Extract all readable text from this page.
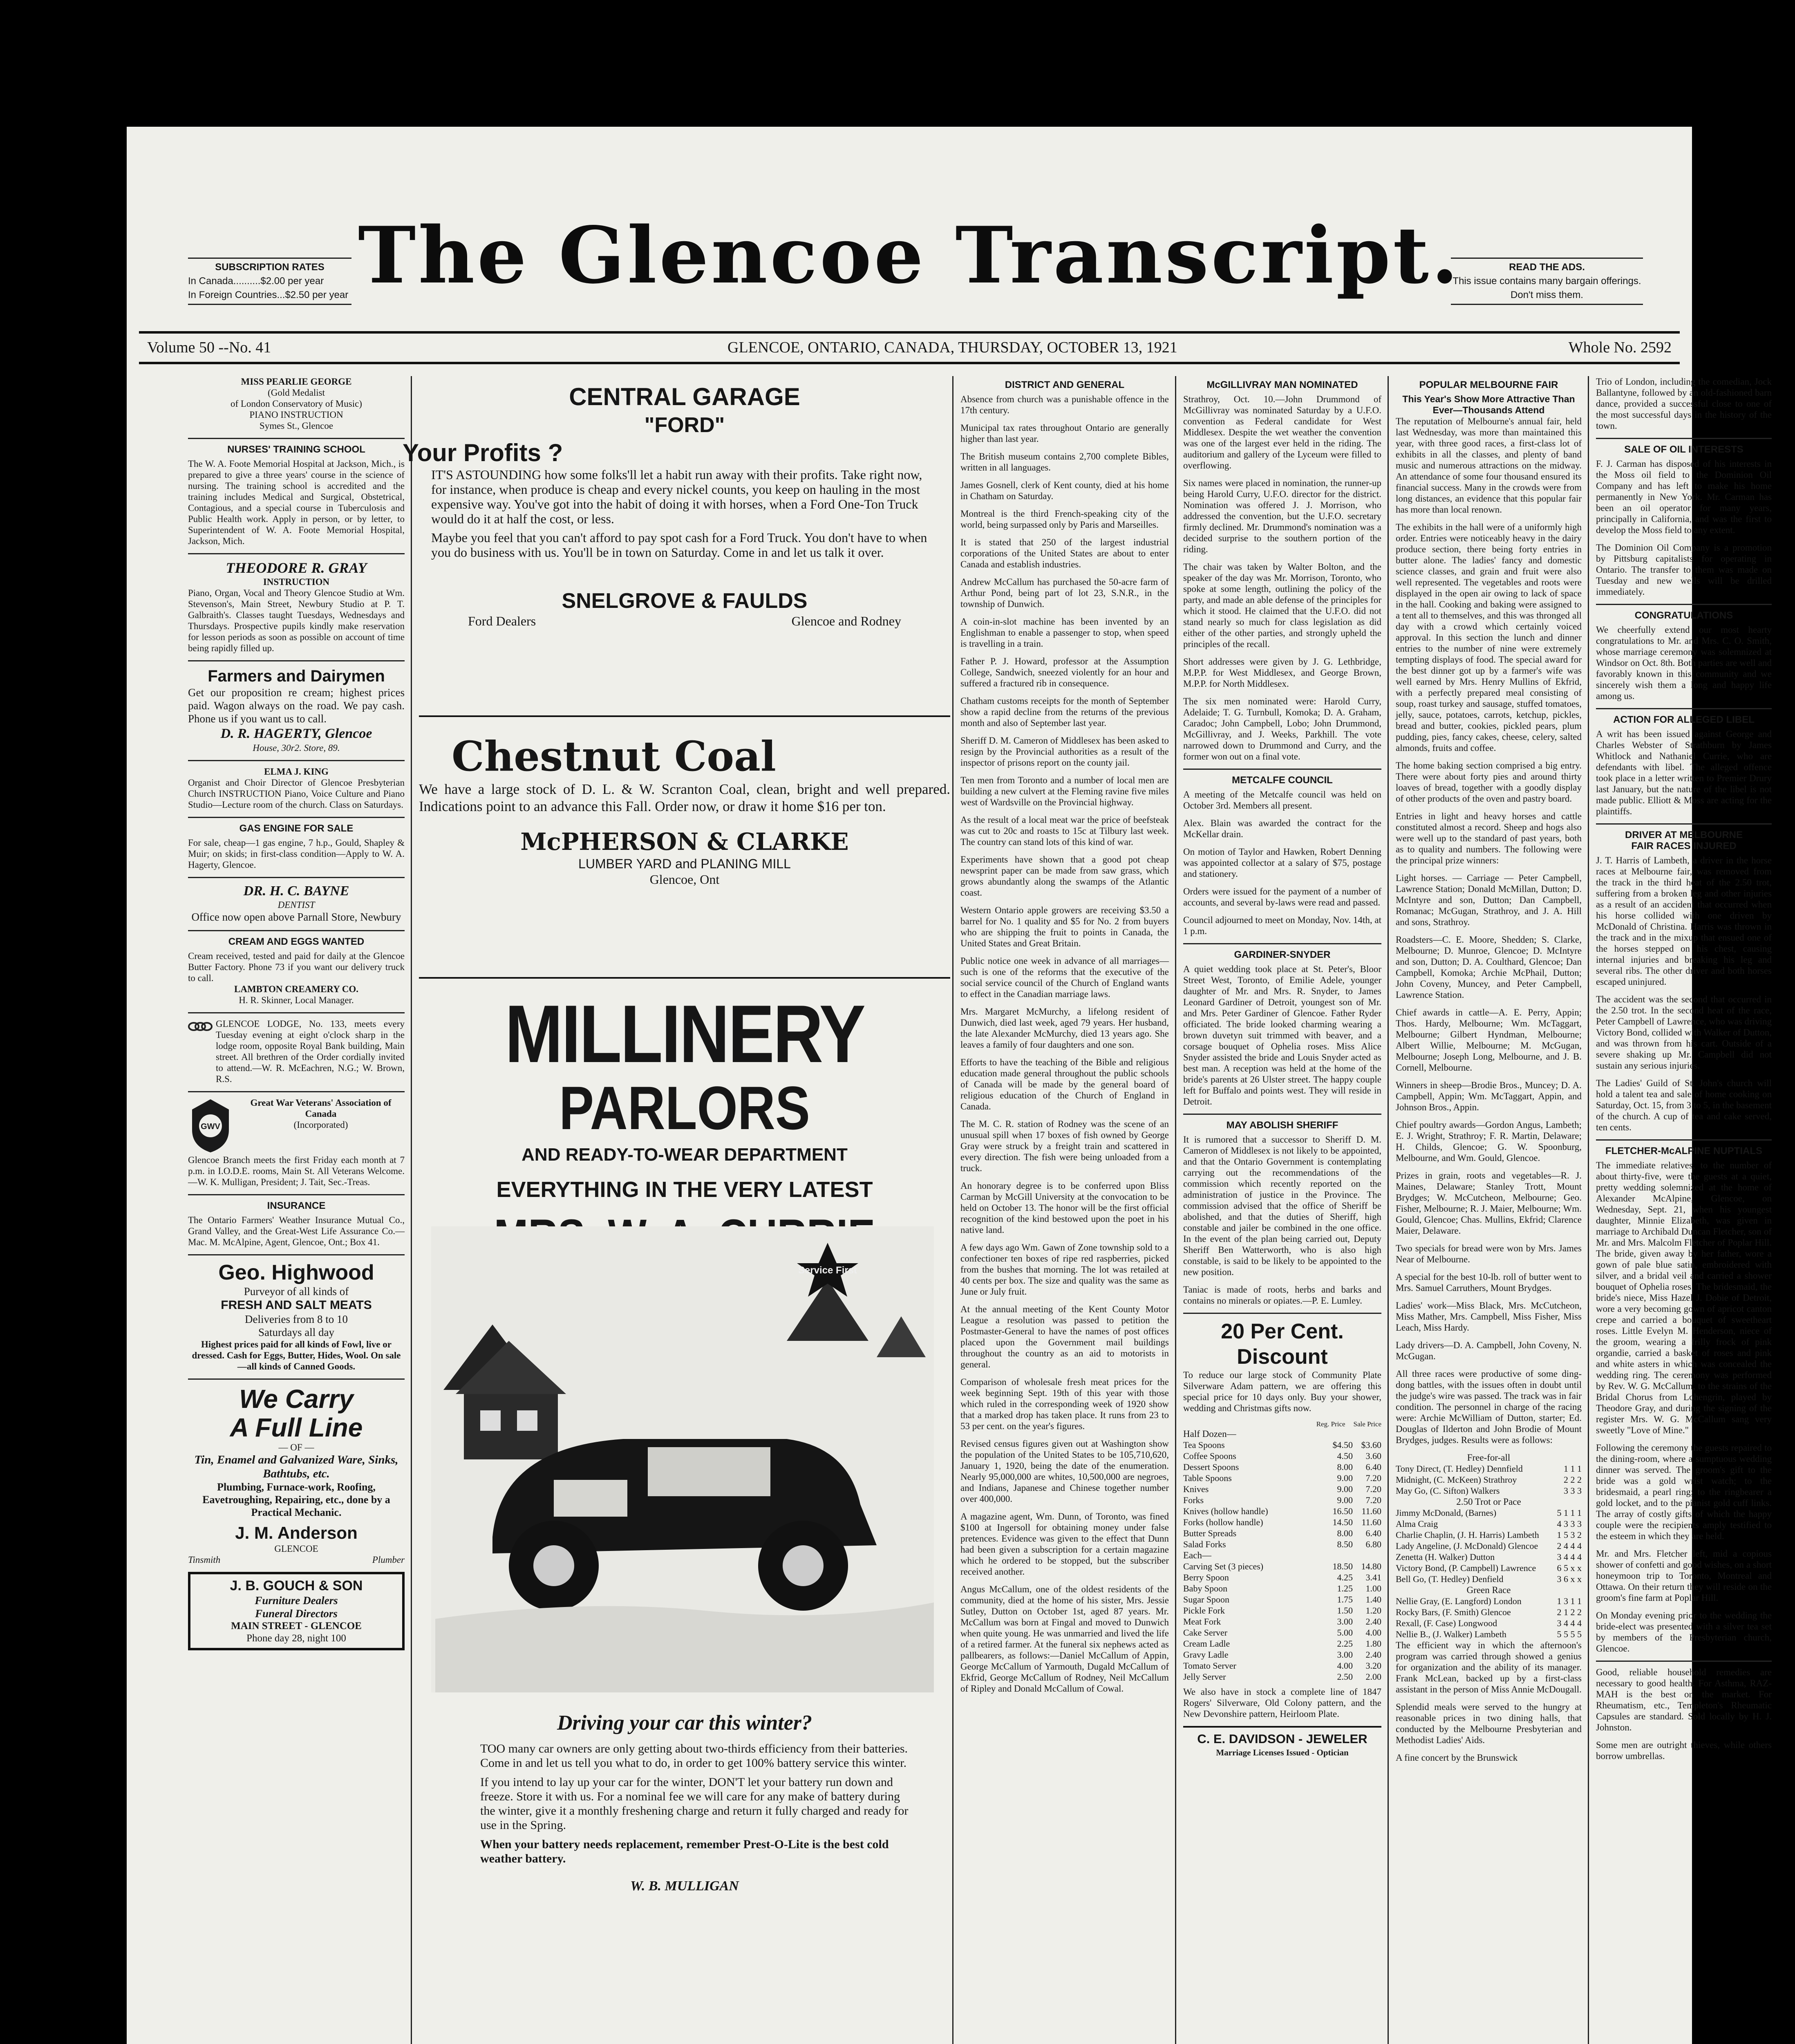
SUBSCRIPTION RATES
In Canada..........$2.00 per year
In Foreign Countries...$2.50 per year The Glencoe Transcript.	READ THE ADS.
This issue contains many bargain offerings. Don't miss them.
Volume 50 --No. 41	GLENCOE, ONTARIO, CANADA, THURSDAY, OCTOBER 13, 1921	Whole No. 2592
MISS PEARLIE GEORGE
(Gold Medalist
of London Conservatory of Music)
PIANO INSTRUCTION
Symes St., Glencoe
NURSES' TRAINING SCHOOL
The W. A. Foote Memorial Hospital at Jackson, Mich., is prepared to give a three years' course in the science of nursing. The training school is accredited and the training includes Medical and Surgical, Obstetrical, Contagious, and a special course in Tuberculosis and Public Health work. Apply in person, or by letter, to Superintendent of W. A. Foote Memorial Hospital, Jackson, Mich.
THEODORE R. GRAY
INSTRUCTION
Piano, Organ, Vocal and Theory Glencoe Studio at Wm. Stevenson's, Main Street, Newbury Studio at P. T. Galbraith's. Classes taught Tuesdays, Wednesdays and Thursdays. Prospective pupils kindly make reservation for lesson periods as soon as possible on account of time being rapidly filled up.
Farmers and Dairymen
Get our proposition re cream; highest prices paid. Wagon always on the road. We pay cash. Phone us if you want us to call.
D. R. HAGERTY, Glencoe
House, 30r2. Store, 89.
ELMA J. KING
Organist and Choir Director of Glencoe Presbyterian Church INSTRUCTION Piano, Voice Culture and Piano Studio—Lecture room of the church. Class on Saturdays.
GAS ENGINE FOR SALE
For sale, cheap—1 gas engine, 7 h.p., Gould, Shapley & Muir; on skids; in first-class condition—Apply to W. A. Hagerty, Glencoe.
DR. H. C. BAYNE
DENTIST
Office now open above Parnall Store, Newbury
CREAM AND EGGS WANTED
Cream received, tested and paid for daily at the Glencoe Butter Factory. Phone 73 if you want our delivery truck to call.
LAMBTON CREAMERY CO.
H. R. Skinner, Local Manager.
GLENCOE LODGE, No. 133, meets every Tuesday evening at eight o'clock sharp in the lodge room, opposite Royal Bank building, Main street. All brethren of the Order cordially invited to attend.—W. R. McEachren, N.G.; W. Brown, R.S.
GWV
Great War Veterans' Association of Canada
(Incorporated)
Glencoe Branch meets the first Friday each month at 7 p.m. in I.O.D.E. rooms, Main St. All Veterans Welcome.—W. K. Mulligan, President; J. Tait, Sec.-Treas.
INSURANCE
The Ontario Farmers' Weather Insurance Mutual Co., Grand Valley, and the Great-West Life Assurance Co.—Mac. M. McAlpine, Agent, Glencoe, Ont.; Box 41.
Geo. Highwood
Purveyor of all kinds of
FRESH AND SALT MEATS
Deliveries from 8 to 10
Saturdays all day
Highest prices paid for all kinds of Fowl, live or dressed. Cash for Eggs, Butter, Hides, Wool. On sale—all kinds of Canned Goods.
We Carry
A Full Line
— OF —
Tin, Enamel and Galvanized Ware, Sinks, Bathtubs, etc.
Plumbing, Furnace-work, Roofing, Eavetroughing, Repairing, etc., done by a Practical Mechanic.
J. M. Anderson
GLENCOE
Tinsmith	Plumber
J. B. GOUCH & SON
Furniture Dealers
Funeral Directors
MAIN STREET - GLENCOE
Phone day 28, night 100
CENTRAL GARAGE
"FORD"
Your Profits ?
IT'S ASTOUNDING how some folks'll let a habit run away with their profits. Take right now, for instance, when produce is cheap and every nickel counts, you keep on hauling in the most expensive way. You've got into the habit of doing it with horses, when a Ford One-Ton Truck would do it at half the cost, or less.
Maybe you feel that you can't afford to pay spot cash for a Ford Truck. You don't have to when you do business with us. You'll be in town on Saturday. Come in and let us talk it over.
SNELGROVE & FAULDS
Ford Dealers	Glencoe and Rodney
Chestnut Coal
We have a large stock of D. L. & W. Scranton Coal, clean, bright and well prepared. Indications point to an advance this Fall. Order now, or draw it home $16 per ton.
McPHERSON & CLARKE
LUMBER YARD and PLANING MILL
Glencoe, Ont
MILLINERY
PARLORS
AND READY-TO-WEAR DEPARTMENT
EVERYTHING IN THE VERY LATEST
Service First
Driving your car this winter?
TOO many car owners are only getting about two-thirds efficiency from their batteries. Come in and let us tell you what to do, in order to get 100% battery service this winter.
If you intend to lay up your car for the winter, DON'T let your battery run down and freeze. Store it with us. For a nominal fee we will care for any make of battery during the winter, give it a monthly freshening charge and return it fully charged and ready for use in the Spring.
When your battery needs replacement, remember Prest-O-Lite is the best cold weather battery.
W. B. MULLIGAN
DISTRICT AND GENERAL
Absence from church was a punishable offence in the 17th century.
Municipal tax rates throughout Ontario are generally higher than last year.
The British museum contains 2,700 complete Bibles, written in all languages.
James Gosnell, clerk of Kent county, died at his home in Chatham on Saturday.
Montreal is the third French-speaking city of the world, being surpassed only by Paris and Marseilles.
It is stated that 250 of the largest industrial corporations of the United States are about to enter Canada and establish industries.
Andrew McCallum has purchased the 50-acre farm of Arthur Pond, being part of lot 23, S.N.R., in the township of Dunwich.
A coin-in-slot machine has been invented by an Englishman to enable a passenger to stop, when speed is travelling in a train.
Father P. J. Howard, professor at the Assumption College, Sandwich, sneezed violently for an hour and suffered a fractured rib in consequence.
Chatham customs receipts for the month of September show a rapid decline from the returns of the previous month and also of September last year.
Sheriff D. M. Cameron of Middlesex has been asked to resign by the Provincial authorities as a result of the inspector of prisons report on the county jail.
Ten men from Toronto and a number of local men are building a new culvert at the Fleming ravine five miles west of Wardsville on the Provincial highway.
As the result of a local meat war the price of beefsteak was cut to 20c and roasts to 15c at Tilbury last week. The country can stand lots of this kind of war.
Experiments have shown that a good pot cheap newsprint paper can be made from saw grass, which grows abundantly along the swamps of the Atlantic coast.
Western Ontario apple growers are receiving $3.50 a barrel for No. 1 quality and $5 for No. 2 from buyers who are shipping the fruit to points in Canada, the United States and Great Britain.
Public notice one week in advance of all marriages—such is one of the reforms that the executive of the social service council of the Church of England wants to effect in the Canadian marriage laws.
Mrs. Margaret McMurchy, a lifelong resident of Dunwich, died last week, aged 79 years. Her husband, the late Alexander McMurchy, died 13 years ago. She leaves a family of four daughters and one son.
Efforts to have the teaching of the Bible and religious education made general throughout the public schools of Canada will be made by the general board of religious education of the Church of England in Canada.
The M. C. R. station of Rodney was the scene of an unusual spill when 17 boxes of fish owned by George Gray were struck by a freight train and scattered in every direction. The fish were being unloaded from a truck.
An honorary degree is to be conferred upon Bliss Carman by McGill University at the convocation to be held on October 13. The honor will be the first official recognition of the kind bestowed upon the poet in his native land.
A few days ago Wm. Gawn of Zone township sold to a confectioner ten boxes of ripe red raspberries, picked from the bushes that morning. The lot was retailed at 40 cents per box. The size and quality was the same as June or July fruit.
At the annual meeting of the Kent County Motor League a resolution was passed to petition the Postmaster-General to have the names of post offices placed upon the Government mail buildings throughout the country as an aid to motorists in general.
Comparison of wholesale fresh meat prices for the week beginning Sept. 19th of this year with those which ruled in the corresponding week of 1920 show that a marked drop has taken place. It runs from 23 to 53 per cent. on the year's figures.
Revised census figures given out at Washington show the population of the United States to be 105,710,620, January 1, 1920, being the date of the enumeration. Nearly 95,000,000 are whites, 10,500,000 are negroes, and Indians, Japanese and Chinese together number over 400,000.
A magazine agent, Wm. Dunn, of Toronto, was fined $100 at Ingersoll for obtaining money under false pretences. Evidence was given to the effect that Dunn had been given a subscription for a certain magazine which he ordered to be stopped, but the subscriber received another.
Angus McCallum, one of the oldest residents of the community, died at the home of his sister, Mrs. Jessie Sutley, Dutton on October 1st, aged 87 years. Mr. McCallum was born at Fingal and moved to Dunwich when quite young. He was unmarried and lived the life of a retired farmer. At the funeral six nephews acted as pallbearers, as follows:—Daniel McCallum of Appin, George McCallum of Yarmouth, Dugald McCallum of Ekfrid, George McCallum of Rodney, Neil McCallum of Ripley and Donald McCallum of Cowal.
McGILLIVRAY MAN NOMINATED
Strathroy, Oct. 10.—John Drummond of McGillivray was nominated Saturday by a U.F.O. convention as Federal candidate for West Middlesex. Despite the wet weather the convention was one of the largest ever held in the riding. The auditorium and gallery of the Lyceum were filled to overflowing.
Six names were placed in nomination, the runner-up being Harold Curry, U.F.O. director for the district. Nomination was offered J. J. Morrison, who addressed the convention, but the U.F.O. secretary firmly declined. Mr. Drummond's nomination was a decided surprise to the southern portion of the riding.
The chair was taken by Walter Bolton, and the speaker of the day was Mr. Morrison, Toronto, who spoke at some length, outlining the policy of the party, and made an able defense of the principles for which it stood. He claimed that the U.F.O. did not stand nearly so much for class legislation as did either of the other parties, and strongly upheld the principles of the recall.
Short addresses were given by J. G. Lethbridge, M.P.P. for West Middlesex, and George Brown, M.P.P. for North Middlesex.
The six men nominated were: Harold Curry, Adelaide; T. G. Turnbull, Komoka; D. A. Graham, Caradoc; John Campbell, Lobo; John Drummond, McGillivray, and J. Weeks, Parkhill. The vote narrowed down to Drummond and Curry, and the former won out on a final vote.
METCALFE COUNCIL
A meeting of the Metcalfe council was held on October 3rd. Members all present.
Alex. Blain was awarded the contract for the McKellar drain.
On motion of Taylor and Hawken, Robert Denning was appointed collector at a salary of $75, postage and stationery.
Orders were issued for the payment of a number of accounts, and several by-laws were read and passed.
Council adjourned to meet on Monday, Nov. 14th, at 1 p.m.
GARDINER-SNYDER
A quiet wedding took place at St. Peter's, Bloor Street West, Toronto, of Emilie Adele, younger daughter of Mr. and Mrs. R. Snyder, to James Leonard Gardiner of Detroit, youngest son of Mr. and Mrs. Peter Gardiner of Glencoe. Father Ryder officiated. The bride looked charming wearing a brown duvetyn suit trimmed with beaver, and a corsage bouquet of Ophelia roses. Miss Alice Snyder assisted the bride and Louis Snyder acted as best man. A reception was held at the home of the bride's parents at 26 Ulster street. The happy couple left for Buffalo and points west. They will reside in Detroit.
MAY ABOLISH SHERIFF
It is rumored that a successor to Sheriff D. M. Cameron of Middlesex is not likely to be appointed, and that the Ontario Government is contemplating carrying out the recommendations of the commission which recently reported on the administration of justice in the Province. The commission advised that the office of Sheriff be abolished, and that the duties of Sheriff, high constable and jailer be combined in the one office. In the event of the plan being carried out, Deputy Sheriff Ben Watterworth, who is also high constable, is said to be likely to be appointed to the new position.
Taniac is made of roots, herbs and barks and contains no minerals or opiates.—P. E. Lumley.
20 Per Cent.
Discount
To reduce our large stock of Community Plate Silverware Adam pattern, we are offering this special price for 10 days only. Buy your shower, wedding and Christmas gifts now.
Reg. Price Sale Price
Half Dozen—
Tea Spoons	$4.50 $3.60
Coffee Spoons	4.50	3.60
Dessert Spoons	8.00	6.40
Table Spoons	9.00	7.20
Knives	9.00	7.20
Forks	9.00	7.20
Knives (hollow handle)	16.50 11.60
Forks (hollow handle)	14.50 11.60
Butter Spreads	8.00	6.40
Salad Forks	8.50	6.80
Each—
Carving Set (3 pieces)	18.50 14.80
Berry Spoon	4.25	3.41
Baby Spoon	1.25	1.00
Sugar Spoon	1.75	1.40
Pickle Fork	1.50	1.20
Meat Fork	3.00	2.40
Cake Server	5.00	4.00
Cream Ladle	2.25	1.80
Gravy Ladle	3.00	2.40
Tomato Server	4.00	3.20
Jelly Server	2.50	2.00
We also have in stock a complete line of 1847 Rogers' Silverware, Old Colony pattern, and the New Devonshire pattern, Heirloom Plate.
C. E. DAVIDSON - JEWELER
Marriage Licenses Issued - Optician
POPULAR MELBOURNE FAIR
This Year's Show More Attractive Than Ever—Thousands Attend
The reputation of Melbourne's annual fair, held last Wednesday, was more than maintained this year, with three good races, a first-class lot of exhibits in all the classes, and plenty of band music and numerous attractions on the midway. An attendance of some four thousand ensured its financial success. Many in the crowds were from long distances, an evidence that this popular fair has more than local renown.
The exhibits in the hall were of a uniformly high order. Entries were noticeably heavy in the dairy produce section, there being forty entries in butter alone. The ladies' fancy and domestic science classes, and grain and fruit were also well represented. The vegetables and roots were displayed in the open air owing to lack of space in the hall. Cooking and baking were assigned to a tent all to themselves, and this was thronged all day with a crowd which certainly voiced approval. In this section the lunch and dinner entries to the number of nine were extremely tempting displays of food. The special award for the best dinner got up by a farmer's wife was well earned by Mrs. Henry Mullins of Ekfrid, with a perfectly prepared meal consisting of soup, roast turkey and sausage, stuffed tomatoes, jelly, sauce, potatoes, carrots, ketchup, pickles, bread and butter, cookies, pickled pears, plum pudding, pies, fancy cakes, cheese, celery, salted almonds, fruits and coffee.
The home baking section comprised a big entry. There were about forty pies and around thirty loaves of bread, together with a goodly display of other products of the oven and pastry board.
Entries in light and heavy horses and cattle constituted almost a record. Sheep and hogs also were well up to the standard of past years, both as to quality and numbers. The following were the principal prize winners:
Light horses. — Carriage — Peter Campbell, Lawrence Station; Donald McMillan, Dutton; D. McIntyre and son, Dutton; Dan Campbell, Romanac; McGugan, Strathroy, and J. A. Hill and sons, Strathroy.
Roadsters—C. E. Moore, Shedden; S. Clarke, Melbourne; D. Munroe, Glencoe; D. McIntyre and son, Dutton; D. A. Coulthard, Glencoe; Dan Campbell, Komoka; Archie McPhail, Dutton; John Coveny, Muncey, and Peter Campbell, Lawrence Station.
Chief awards in cattle—A. E. Perry, Appin; Thos. Hardy, Melbourne; Wm. McTaggart, Melbourne; Gilbert Hyndman, Melbourne; Albert Willie, Melbourne; M. McGugan, Melbourne; Joseph Long, Melbourne, and J. B. Cornell, Melbourne.
Winners in sheep—Brodie Bros., Muncey; D. A. Campbell, Appin; Wm. McTaggart, Appin, and Johnson Bros., Appin.
Chief poultry awards—Gordon Angus, Lambeth; E. J. Wright, Strathroy; F. R. Martin, Delaware; H. Childs, Glencoe; G. W. Spoonburg, Melbourne, and Wm. Gould, Glencoe.
Prizes in grain, roots and vegetables—R. J. Maines, Delaware; Stanley Trott, Mount Brydges; W. McCutcheon, Melbourne; Geo. Fisher, Melbourne; R. J. Maier, Melbourne; Wm. Gould, Glencoe; Chas. Mullins, Ekfrid; Clarence Maier, Delaware.
Two specials for bread were won by Mrs. James Near of Melbourne.
A special for the best 10-lb. roll of butter went to Mrs. Samuel Carruthers, Mount Brydges.
Ladies' work—Miss Black, Mrs. McCutcheon, Miss Mather, Mrs. Campbell, Miss Fisher, Miss Leach, Miss Hardy.
Lady drivers—D. A. Campbell, John Coveny, N. McGugan.
All three races were productive of some ding-dong battles, with the issues often in doubt until the judge's wire was passed. The track was in fair condition. The personnel in charge of the racing were: Archie McWilliam of Dutton, starter; Ed. Douglas of Ilderton and John Brodie of Mount Brydges, judges. Results were as follows:
Free-for-all
Tony Direct, (T. Hedley) Dennfield	1 1 1
Midnight, (C. McKeen) Strathroy	2 2 2
May Go, (C. Sifton) Walkers	3 3 3
2.50 Trot or Pace
Jimmy McDonald, (Barnes)	5 1 1 1
Alma Craig	4 3 3 3
Charlie Chaplin, (J. H. Harris) Lambeth	1 5 3 2
Lady Angeline, (J. McDonald) Glencoe	2 4 4 4
Zenetta (H. Walker) Dutton	3 4 4 4
Victory Bond, (P. Campbell) Lawrence	6 5 x x
Bell Go, (T. Hedley) Denfield	3 6 x x
Green Race
Nellie Gray, (E. Langford) London	1 3 1 1
Rocky Bars, (F. Smith) Glencoe	2 1 2 2
Rexall, (F. Case) Longwood	3 4 4 4
Nellie B., (J. Walker) Lambeth	5 5 5 5
The efficient way in which the afternoon's program was carried through showed a genius for organization and the ability of its manager. Frank McLean, backed up by a first-class assistant in the person of Miss Annie McDougall.
Splendid meals were served to the hungry at reasonable prices in two dining halls, that conducted by the Melbourne Presbyterian and Methodist Ladies' Aids.
A fine concert by the Brunswick
Trio of London, including the comedian, Jock Ballantyne, followed by an old-fashioned barn dance, provided a successful close to one of the most successful days in the history of the town.
SALE OF OIL INTERESTS
F. J. Carman has disposed of his interests in the Moss oil field to the Dominion Oil Company and has left to make his home permanently in New York. Mr. Carman has been an oil operator for many years, principally in California, and was the first to develop the Moss field to any extent.
The Dominion Oil Company is a promotion by Pittsburg capitalists for operating in Ontario. The transfer to them was made on Tuesday and new wells will be drilled immediately.
CONGRATULATIONS
We cheerfully extend our most hearty congratulations to Mr. and Mrs. C. O. Smith, whose marriage ceremony was solemnized at Windsor on Oct. 8th. Both parties are well and favorably known in this community and we sincerely wish them a long and happy life among us.
ACTION FOR ALLEGED LIBEL
A writ has been issued against George and Charles Webster of Strathburn by James Whitlock and Nathaniel Currie, who are defendants with libel. The alleged offence took place in a letter written to Premier Drury last January, but the nature of the libel is not made public. Elliott & Moss are acting for the plaintiffs.
DRIVER AT MELBOURNE
FAIR RACES INJURED
J. T. Harris of Lambeth, a driver in the horse races at Melbourne fair, was removed from the track in the third heat of the 2.50 trot, suffering from a broken leg and other injuries as a result of an accident that occurred when his horse collided with one driven by McDonald of Christina. Harris was thrown in the track and in the mixup that ensued one of the horses stepped on his chest, causing internal injuries and breaking his leg and several ribs. The other driver and both horses escaped uninjured.
The accident was the second that occurred in the 2.50 trot. In the second heat of the race, Peter Campbell of Lawrence, who was driving Victory Bond, collided with Walker of Dutton, and was thrown from his cart. Outside of a severe shaking up Mr. Campbell did not sustain any serious injuries.
The Ladies' Guild of St. John's church will hold a talent tea and sale of home cooking on Saturday, Oct. 15, from 3 to 5, in the basement of the church. A cup of tea and cake served, ten cents.
FLETCHER-McALPINE NUPTIALS
The immediate relatives, to the number of about thirty-five, were the guests at a quiet, pretty wedding solemnized at the home of Alexander McAlpine, Glencoe, on Wednesday, Sept. 21, when his youngest daughter, Minnie Elizabeth, was given in marriage to Archibald Duncan Fletcher, son of Mr. and Mrs. Malcolm Fletcher of Poplar Hill. The bride, given away by her father, wore a gown of pale blue satin, embroidered with silver, and a bridal veil and carried a shower bouquet of Ophelia roses. The bridesmaid, the bride's niece, Miss Hazel J. Dobie of Detroit, wore a very becoming gown of apricot canton crepe and carried a bouquet of sweetheart roses. Little Evelyn M. Henderson, niece of the groom, wearing a frilly frock of pink organdie, carried a basket of roses and pink and white asters in which was concealed the wedding ring. The ceremony was performed by Rev. W. G. McCallum, to the strains of the Bridal Chorus from Lohengrin, played by Theodore Gray, and during the signing of the register Mrs. W. G. McCallum sang very sweetly "Love of Mine."
Following the ceremony the guests repaired to the dining-room, where a sumptuous wedding dinner was served. The groom's gift to the bride was a gold wrist watch; to the bridesmaid, a pearl ring; to the ringbearer a gold locket, and to the pianist gold cuff links. The array of costly gifts of which the happy couple were the recipients amply testified to the esteem in which they are held.
Mr. and Mrs. Fletcher left, mid a copious shower of confetti and good wishes, on a short honeymoon trip to Toronto, Montreal and Ottawa. On their return they will reside on the groom's fine farm at Poplar Hill.
On Monday evening prior to the wedding the bride-elect was presented with a silver tea set by members of the Presbyterian church, Glencoe.
Good, reliable household remedies are necessary to good health. For Asthma, RAZ-MAH is the best on the market. For Rheumatism, etc., Templeton's Rheumatic Capsules are standard. Sold locally by H. J. Johnston.
Some men are outright thieves, while others borrow umbrellas.
